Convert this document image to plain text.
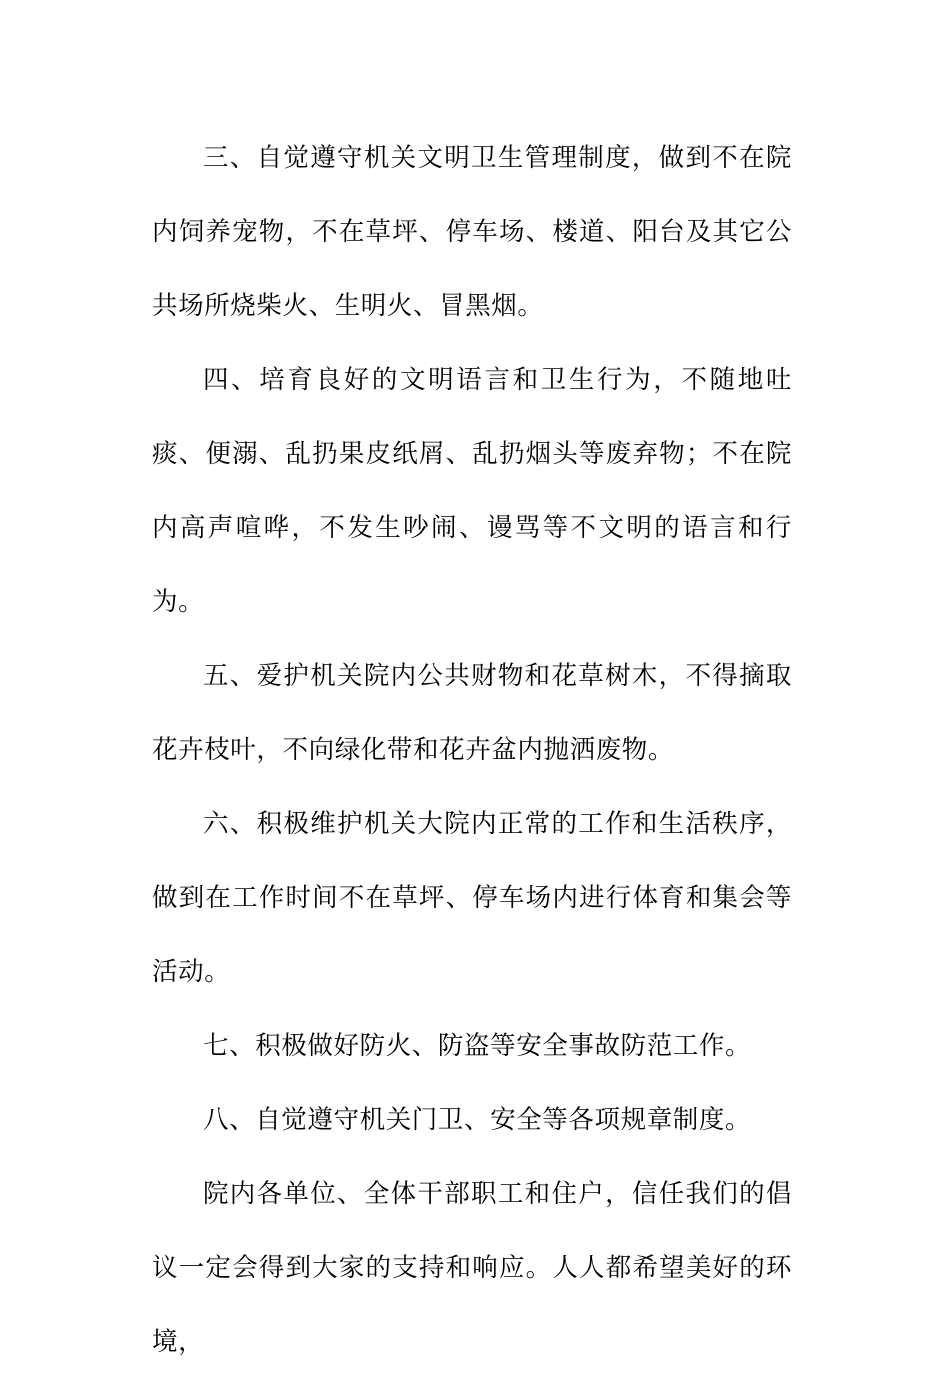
三、自觉遵守机关文明卫生管理制度，做到不在院内饲养宠物，不在草坪、停车场、楼道、阳台及其它公共场所烧柴火、生明火、冒黑烟。

四、培育良好的文明语言和卫生行为，不随地吐痰、便溺、乱扔果皮纸屑、乱扔烟头等废弃物；不在院内高声喧哗，不发生吵闹、谩骂等不文明的语言和行为。

五、爱护机关院内公共财物和花草树木，不得摘取花卉枝叶，不向绿化带和花卉盆内抛洒废物。

六、积极维护机关大院内正常的工作和生活秩序，做到在工作时间不在草坪、停车场内进行体育和集会等活动。

七、积极做好防火、防盗等安全事故防范工作。

八、自觉遵守机关门卫、安全等各项规章制度。

院内各单位、全体干部职工和住户，信任我们的倡议一定会得到大家的支持和响应。人人都希望美好的环境，
